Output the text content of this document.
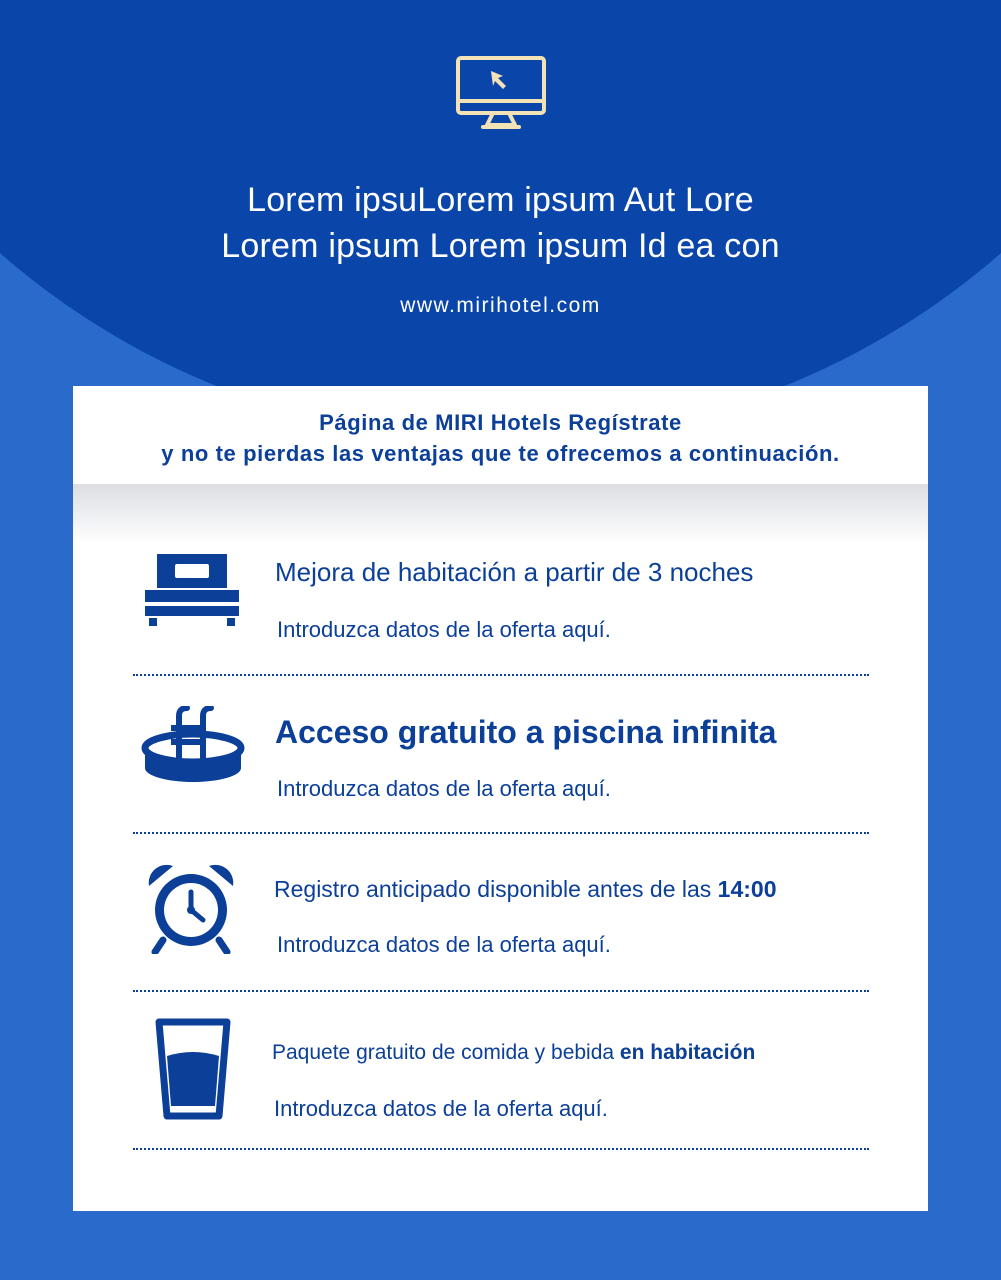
Lorem ipsuLorem ipsum Aut Lore
Lorem ipsum Lorem ipsum Id ea con
www.mirihotel.com
Página de MIRI Hotels Regístrate
y no te pierdas las ventajas que te ofrecemos a continuación.
Mejora de habitación a partir de 3 noches
Introduzca datos de la oferta aquí.
Acceso gratuito a piscina infinita
Introduzca datos de la oferta aquí.
Registro anticipado disponible antes de las 14:00
Introduzca datos de la oferta aquí.
Paquete gratuito de comida y bebida en habitación
Introduzca datos de la oferta aquí.
